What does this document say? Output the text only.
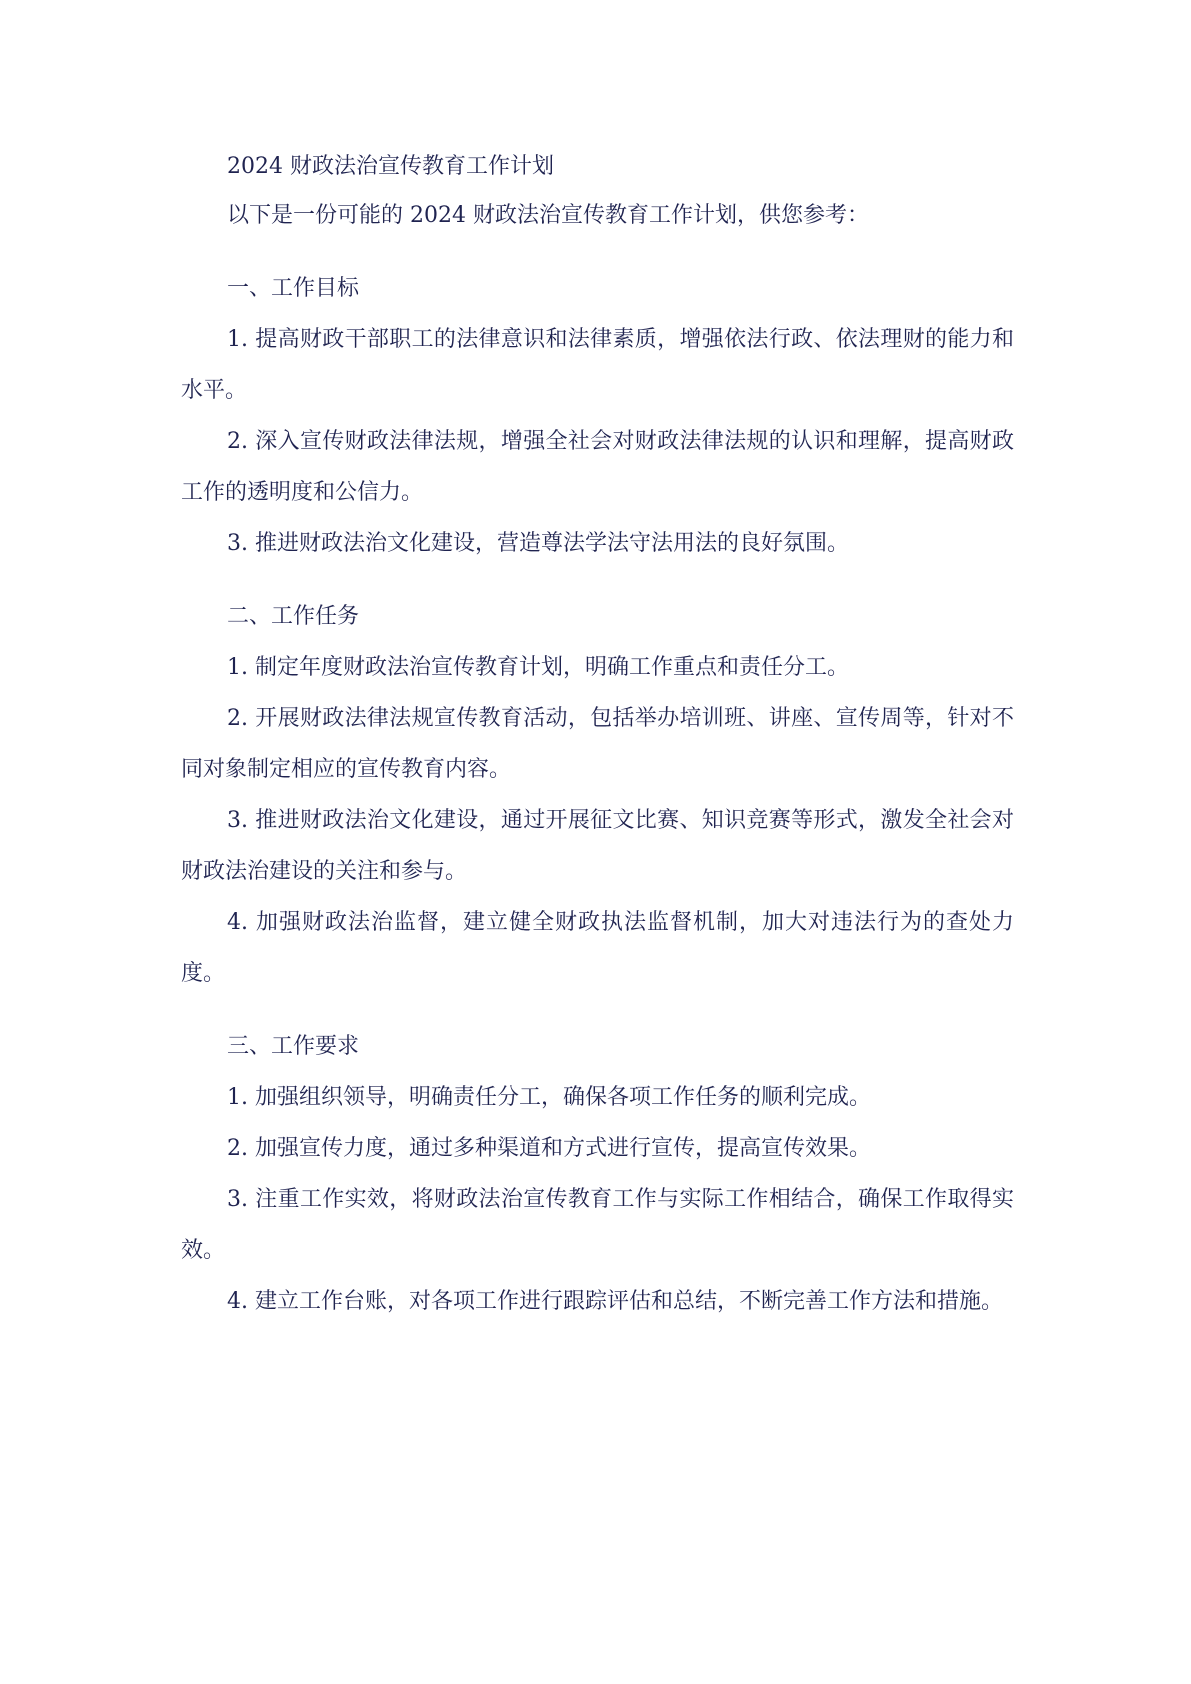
2024 财政法治宣传教育工作计划

以下是一份可能的 2024 财政法治宣传教育工作计划，供您参考：

一、工作目标

1. 提高财政干部职工的法律意识和法律素质，增强依法行政、依法理财的能力和水平。

2. 深入宣传财政法律法规，增强全社会对财政法律法规的认识和理解，提高财政工作的透明度和公信力。

3. 推进财政法治文化建设，营造尊法学法守法用法的良好氛围。

二、工作任务

1. 制定年度财政法治宣传教育计划，明确工作重点和责任分工。

2. 开展财政法律法规宣传教育活动，包括举办培训班、讲座、宣传周等，针对不同对象制定相应的宣传教育内容。

3. 推进财政法治文化建设，通过开展征文比赛、知识竞赛等形式，激发全社会对财政法治建设的关注和参与。

4. 加强财政法治监督，建立健全财政执法监督机制，加大对违法行为的查处力度。

三、工作要求

1. 加强组织领导，明确责任分工，确保各项工作任务的顺利完成。

2. 加强宣传力度，通过多种渠道和方式进行宣传，提高宣传效果。

3. 注重工作实效，将财政法治宣传教育工作与实际工作相结合，确保工作取得实效。

4. 建立工作台账，对各项工作进行跟踪评估和总结，不断完善工作方法和措施。
